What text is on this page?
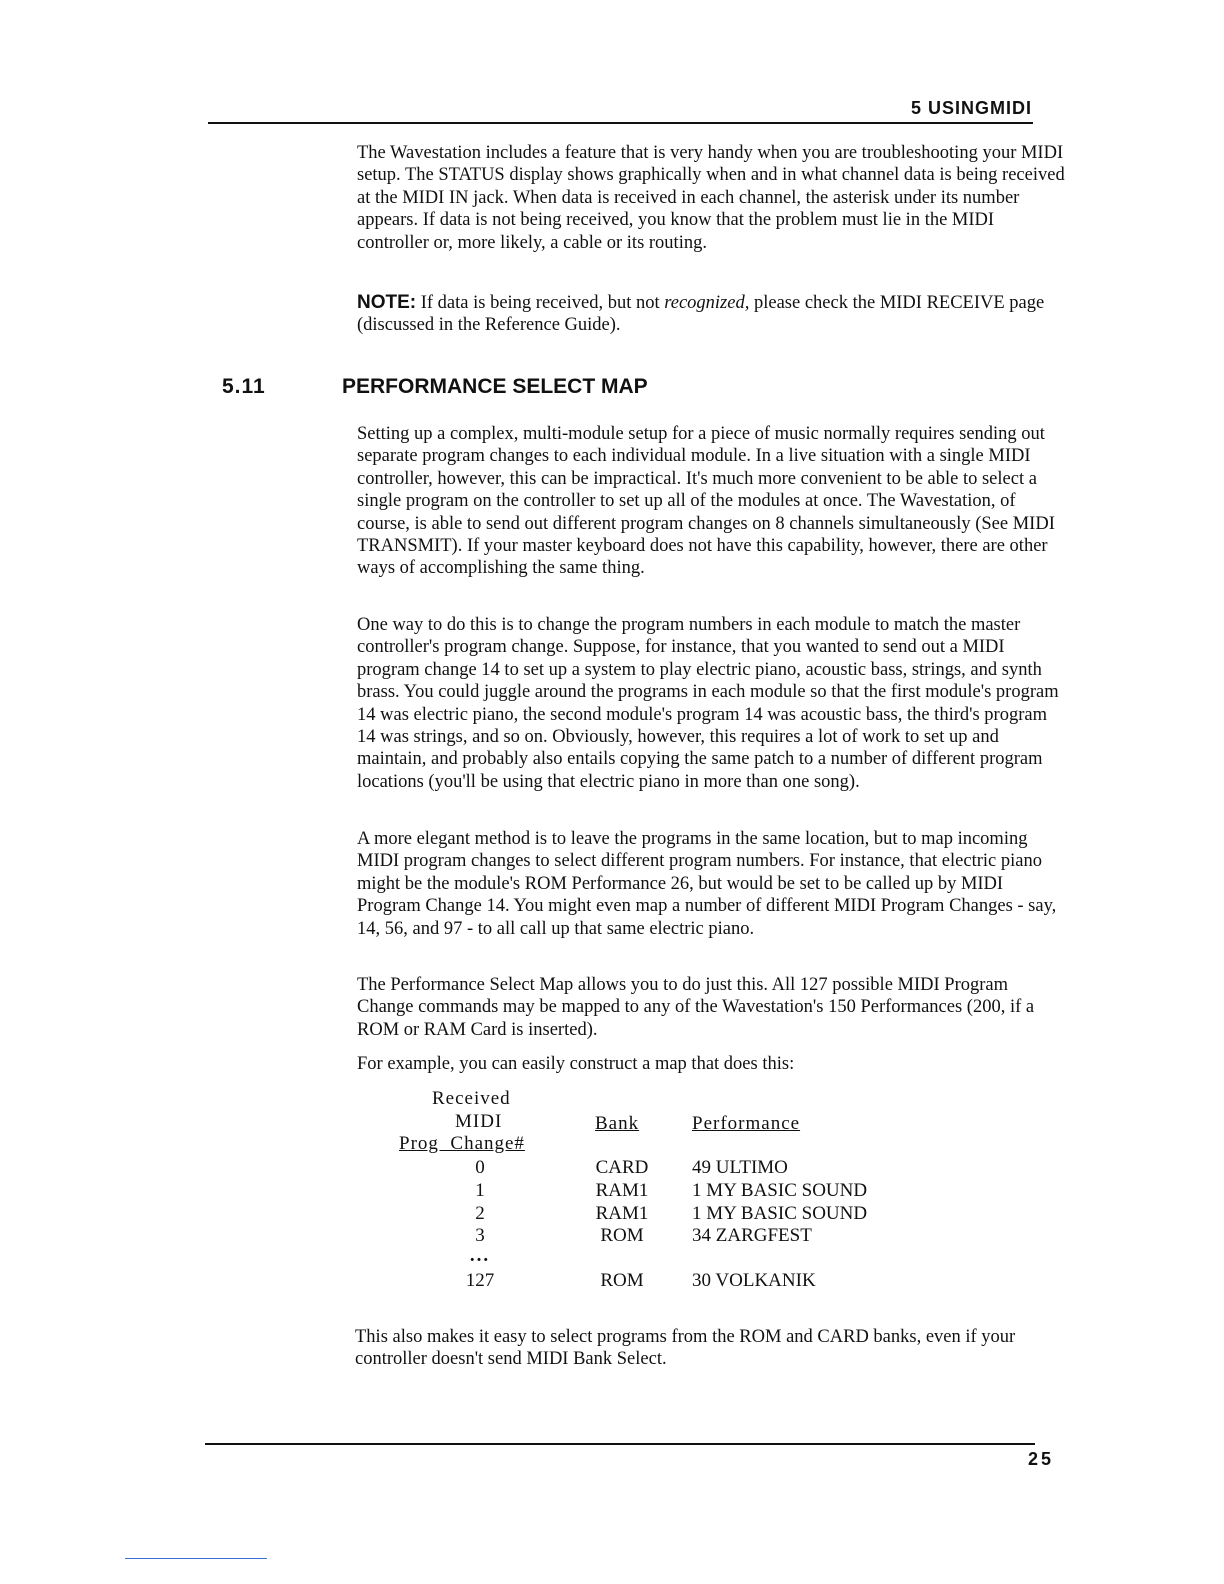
5 USINGMIDI
The Wavestation includes a feature that is very handy when you are troubleshooting your MIDI setup. The STATUS display shows graphically when and in what channel data is being received at the MIDI IN jack. When data is received in each channel, the asterisk under its number appears. If data is not being received, you know that the problem must lie in the MIDI controller or, more likely, a cable or its routing.
NOTE: If data is being received, but not recognized, please check the MIDI RECEIVE page (discussed in the Reference Guide).
5.11	PERFORMANCE SELECT MAP
Setting up a complex, multi-module setup for a piece of music normally requires sending out separate program changes to each individual module. In a live situation with a single MIDI controller, however, this can be impractical. It's much more convenient to be able to select a single program on the controller to set up all of the modules at once. The Wavestation, of course, is able to send out different program changes on 8 channels simultaneously (See MIDI TRANSMIT). If your master keyboard does not have this capability, however, there are other ways of accomplishing the same thing.
One way to do this is to change the program numbers in each module to match the master controller's program change. Suppose, for instance, that you wanted to send out a MIDI program change 14 to set up a system to play electric piano, acoustic bass, strings, and synth brass. You could juggle around the programs in each module so that the first module's program 14 was electric piano, the second module's program 14 was acoustic bass, the third's program 14 was strings, and so on. Obviously, however, this requires a lot of work to set up and maintain, and probably also entails copying the same patch to a number of different program locations (you'll be using that electric piano in more than one song).
A more elegant method is to leave the programs in the same location, but to map incoming MIDI program changes to select different program numbers. For instance, that electric piano might be the module's ROM Performance 26, but would be set to be called up by MIDI Program Change 14. You might even map a number of different MIDI Program Changes - say, 14, 56, and 97 - to all call up that same electric piano.
The Performance Select Map allows you to do just this. All 127 possible MIDI Program Change commands may be mapped to any of the Wavestation's 150 Performances (200, if a ROM or RAM Card is inserted).
For example, you can easily construct a map that does this:
Received
MIDI
Prog  Change#
Bank	Performance
0	CARD	49 ULTIMO
1	RAM1	1 MY BASIC SOUND
2	RAM1	1 MY BASIC SOUND
3	ROM	34 ZARGFEST
...
127	ROM	30 VOLKANIK
This also makes it easy to select programs from the ROM and CARD banks, even if your controller doesn't send MIDI Bank Select.
25
